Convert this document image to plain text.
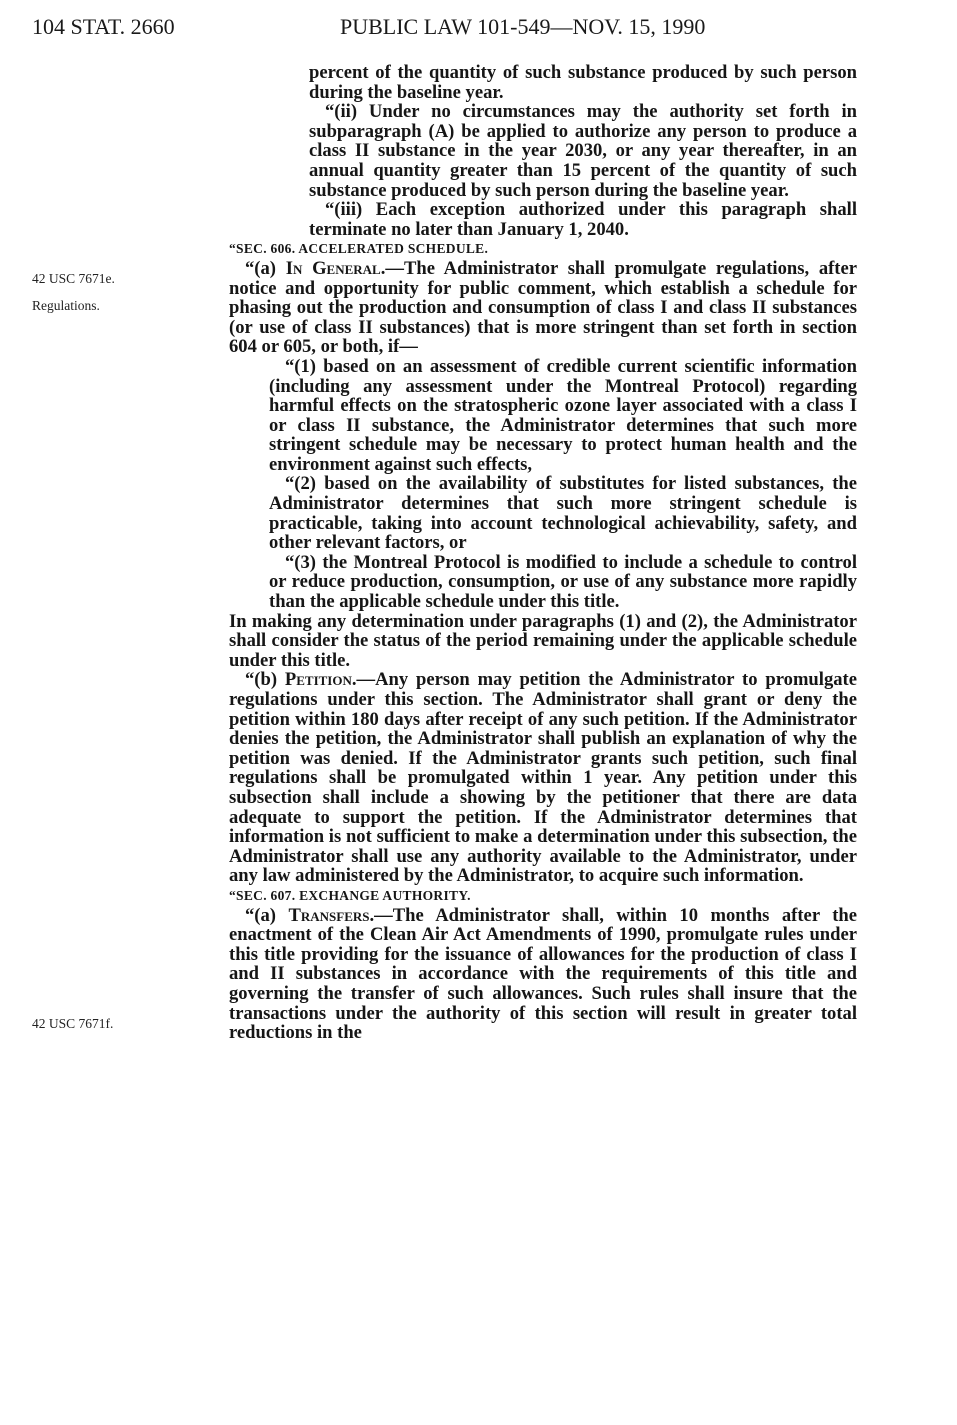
104 STAT. 2660	PUBLIC LAW 101-549—NOV. 15, 1990
42 USC 7671e.
Regulations.
42 USC 7671f.

percent of the quantity of such substance produced by such person during the baseline year.

“(ii) Under no circumstances may the authority set forth in subparagraph (A) be applied to authorize any person to produce a class II substance in the year 2030, or any year thereafter, in an annual quantity greater than 15 percent of the quantity of such substance produced by such person during the baseline year.

“(iii) Each exception authorized under this paragraph shall terminate no later than January 1, 2040.

“SEC. 606. ACCELERATED SCHEDULE.

“(a) In General.—The Administrator shall promulgate regulations, after notice and opportunity for public comment, which establish a schedule for phasing out the production and consumption of class I and class II substances (or use of class II substances) that is more stringent than set forth in section 604 or 605, or both, if—

“(1) based on an assessment of credible current scientific information (including any assessment under the Montreal Protocol) regarding harmful effects on the stratospheric ozone layer associated with a class I or class II substance, the Administrator determines that such more stringent schedule may be necessary to protect human health and the environment against such effects,

“(2) based on the availability of substitutes for listed substances, the Administrator determines that such more stringent schedule is practicable, taking into account technological achievability, safety, and other relevant factors, or

“(3) the Montreal Protocol is modified to include a schedule to control or reduce production, consumption, or use of any substance more rapidly than the applicable schedule under this title.

In making any determination under paragraphs (1) and (2), the Administrator shall consider the status of the period remaining under the applicable schedule under this title.

“(b) Petition.—Any person may petition the Administrator to promulgate regulations under this section. The Administrator shall grant or deny the petition within 180 days after receipt of any such petition. If the Administrator denies the petition, the Administrator shall publish an explanation of why the petition was denied. If the Administrator grants such petition, such final regulations shall be promulgated within 1 year. Any petition under this subsection shall include a showing by the petitioner that there are data adequate to support the petition. If the Administrator determines that information is not sufficient to make a determination under this subsection, the Administrator shall use any authority available to the Administrator, under any law administered by the Administrator, to acquire such information.

“SEC. 607. EXCHANGE AUTHORITY.

“(a) Transfers.—The Administrator shall, within 10 months after the enactment of the Clean Air Act Amendments of 1990, promulgate rules under this title providing for the issuance of allowances for the production of class I and II substances in accordance with the requirements of this title and governing the transfer of such allowances. Such rules shall insure that the transactions under the authority of this section will result in greater total reductions in the
